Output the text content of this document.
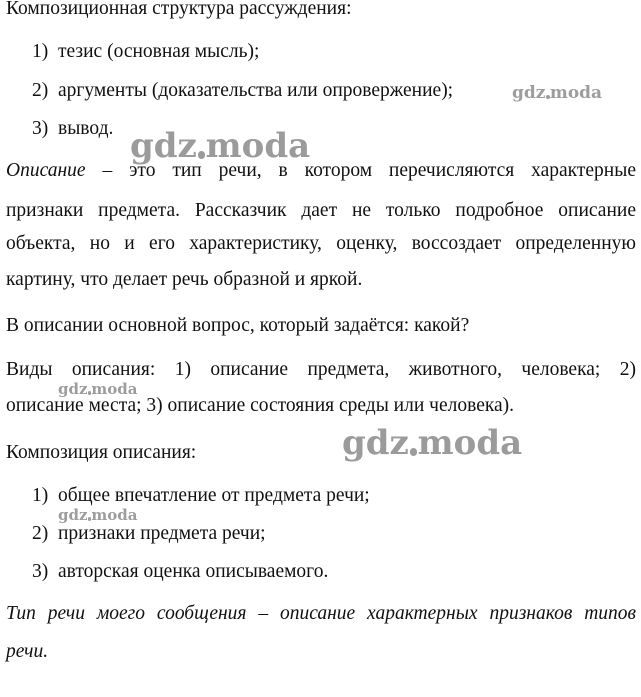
Композиционная структура рассуждения:
1) тезис (основная мысль);
2) аргументы (доказательства или опровержение);
3) вывод.
Описание – это тип речи, в котором перечисляются характерные
признаки предмета. Рассказчик дает не только подробное описание
объекта, но и его характеристику, оценку, воссоздает определенную
картину, что делает речь образной и яркой.
В описании основной вопрос, который задаётся: какой?
Виды описания: 1) описание предмета, животного, человека; 2)
описание места; 3) описание состояния среды или человека).
Композиция описания:
1) общее впечатление от предмета речи;
2) признаки предмета речи;
3) авторская оценка описываемого.
Тип речи моего сообщения – описание характерных признаков типов
речи.
gdz moda
gdz moda
gdz moda
gdz moda
gdz moda
